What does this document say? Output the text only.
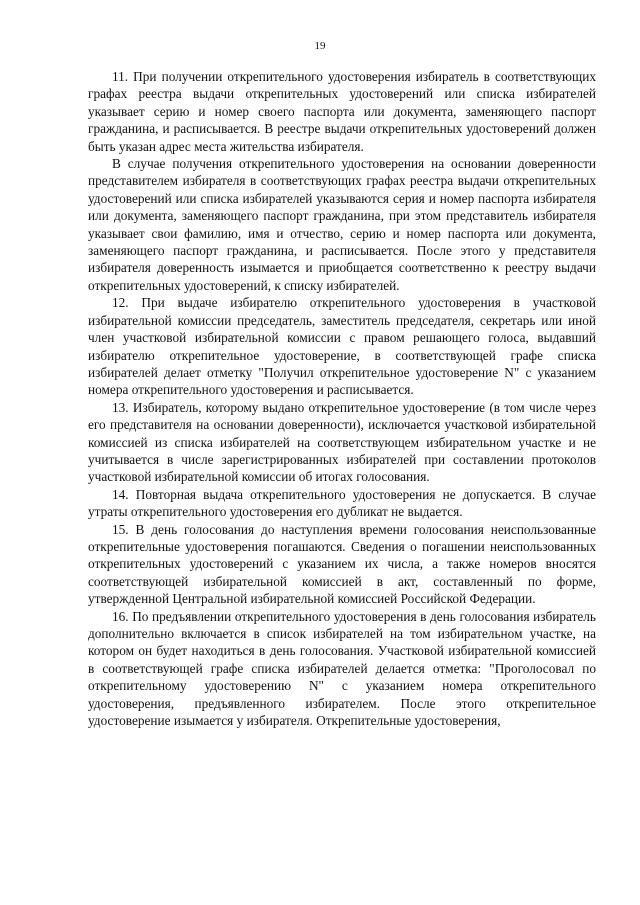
19

11. При получении открепительного удостоверения избиратель в соответствующих графах реестра выдачи открепительных удостоверений или списка избирателей указывает серию и номер своего паспорта или документа, заменяющего паспорт гражданина, и расписывается. В реестре выдачи открепительных удостоверений должен быть указан адрес места жительства избирателя.

В случае получения открепительного удостоверения на основании доверенности представителем избирателя в соответствующих графах реестра выдачи открепительных удостоверений или списка избирателей указываются серия и номер паспорта избирателя или документа, заменяющего паспорт гражданина, при этом представитель избирателя указывает свои фамилию, имя и отчество, серию и номер паспорта или документа, заменяющего паспорт гражданина, и расписывается. После этого у представителя избирателя доверенность изымается и приобщается соответственно к реестру выдачи открепительных удостоверений, к списку избирателей.

12. При выдаче избирателю открепительного удостоверения в участковой избирательной комиссии председатель, заместитель председателя, секретарь или иной член участковой избирательной комиссии с правом решающего голоса, выдавший избирателю открепительное удостоверение, в соответствующей графе списка избирателей делает отметку "Получил открепительное удостоверение N" с указанием номера открепительного удостоверения и расписывается.

13. Избиратель, которому выдано открепительное удостоверение (в том числе через его представителя на основании доверенности), исключается участковой избирательной комиссией из списка избирателей на соответствующем избирательном участке и не учитывается в числе зарегистрированных избирателей при составлении протоколов участковой избирательной комиссии об итогах голосования.

14. Повторная выдача открепительного удостоверения не допускается. В случае утраты открепительного удостоверения его дубликат не выдается.

15. В день голосования до наступления времени голосования неиспользованные открепительные удостоверения погашаются. Сведения о погашении неиспользованных открепительных удостоверений с указанием их числа, а также номеров вносятся соответствующей избирательной комиссией в акт, составленный по форме, утвержденной Центральной избирательной комиссией Российской Федерации.

16. По предъявлении открепительного удостоверения в день голосования избиратель дополнительно включается в список избирателей на том избирательном участке, на котором он будет находиться в день голосования. Участковой избирательной комиссией в соответствующей графе списка избирателей делается отметка: "Проголосовал по открепительному удостоверению N" с указанием номера открепительного удостоверения, предъявленного избирателем. После этого открепительное удостоверение изымается у избирателя. Открепительные удостоверения,
